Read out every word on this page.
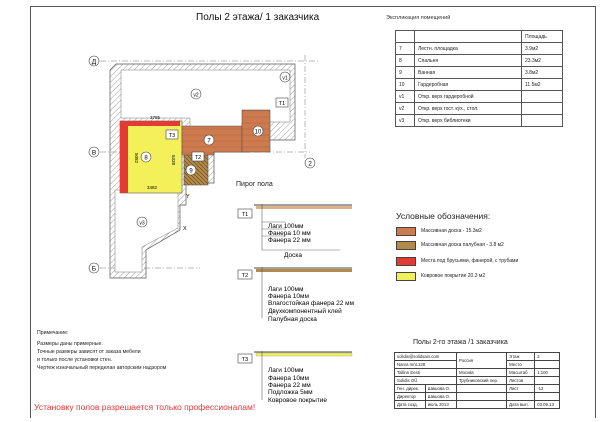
Полы 2 этажа/ 1 заказчика	Экспликация помещений
		Площадь
7	Лестн. площадка	3.9м2
8	Спальня	23.3м2
9	Ванная	3.8м2
10	Гардеробная	11.5м2
v1	Откр. верх гардеробной	
v2	Откр. верх гост. кух., стол.	
v3	Откр. верх библиотеки	
Д
В
Б
2
8
9
7
10
v1
v2
v3
T1
T2
T3
3785
5082	5338
3482
Y
X
T1
Лаги 100мм
Фанера 10 мм
Фанера 22 мм
Доска
T2
Лаги 100мм
Фанера 10мм
Влагостойкая фанера 22 мм
Двухкомпонентный клей
Палубная доска
T3
Лаги 100мм
Фанера 10мм
Фанера 22 мм
Подложка 5мм
Ковровое покрытие
Пирог пола
Условные обозначения:
Массивная доска - 15.3м2
Массивная доска палубная - 3.8 м2
Места под брусьями, фанерой, с трубами
Ковровое покрытие 20.3 м2
Примечание:
Размеры даны примерные.
Точные размеры зависят от заказа мебели
и только после установки стен.
Чертеж изначальный переделан авторским надзором
Установку полов разрешается только профессионалам!
Полы 2-го этажа /1 заказчика
solidis@solidsain.com		Россия	Этаж	2
Narva mnt.128			Место	
Tallinn Eesti		Москва	Масштаб	1:100
Solidis OÜ		Трубниковский пер.	Листов	
Ген. дирек.	Шишова О.		Лист	-12
Директор	Шишова О.			
Дата созд.	июль 2013		Дата вып.	03.09.13
